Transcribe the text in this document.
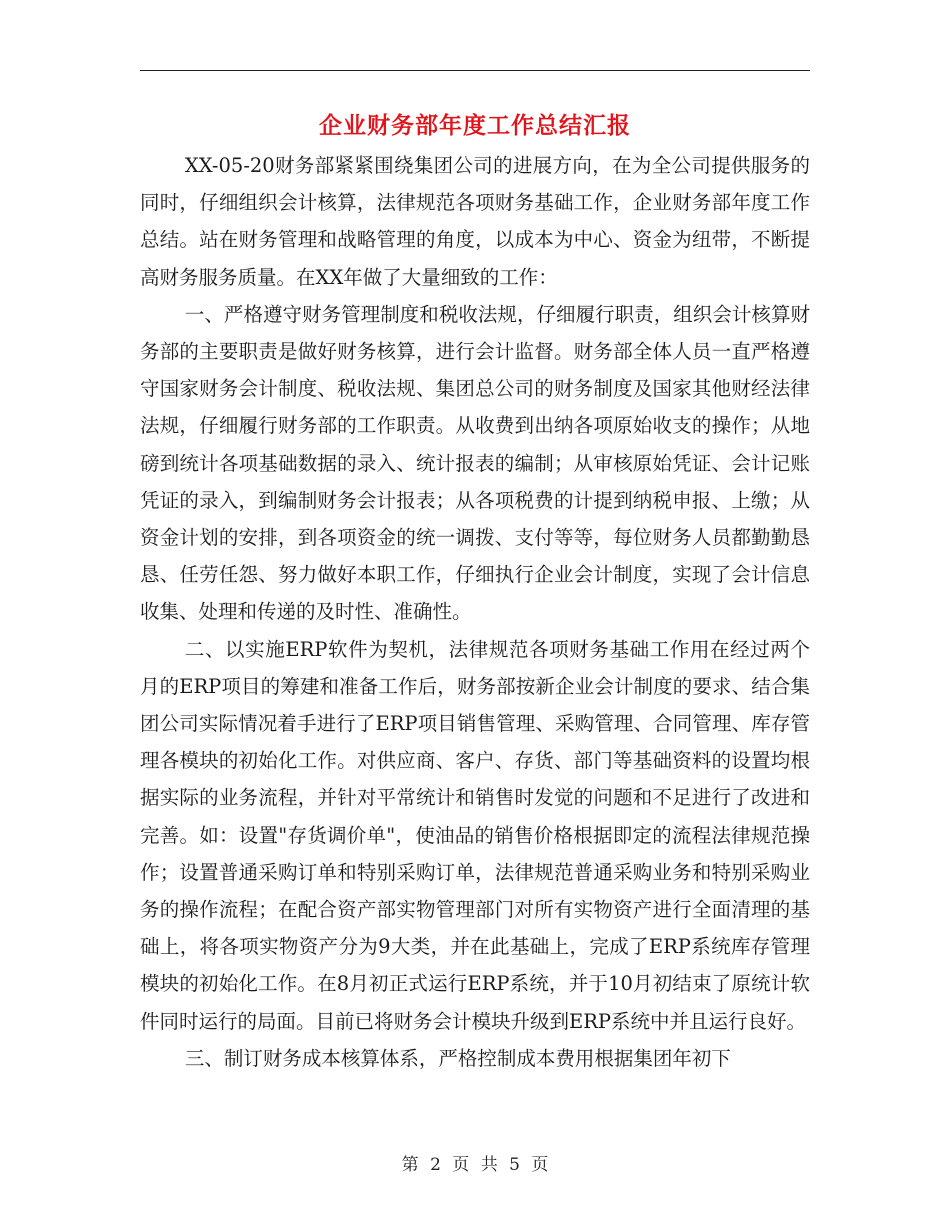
企业财务部年度工作总结汇报

XX-05-20财务部紧紧围绕集团公司的进展方向，在为全公司提供服务的同时，仔细组织会计核算，法律规范各项财务基础工作，企业财务部年度工作总结。站在财务管理和战略管理的角度，以成本为中心、资金为纽带，不断提高财务服务质量。在XX年做了大量细致的工作：

一、严格遵守财务管理制度和税收法规，仔细履行职责，组织会计核算财务部的主要职责是做好财务核算，进行会计监督。财务部全体人员一直严格遵守国家财务会计制度、税收法规、集团总公司的财务制度及国家其他财经法律法规，仔细履行财务部的工作职责。从收费到出纳各项原始收支的操作；从地磅到统计各项基础数据的录入、统计报表的编制；从审核原始凭证、会计记账凭证的录入，到编制财务会计报表；从各项税费的计提到纳税申报、上缴；从资金计划的安排，到各项资金的统一调拨、支付等等，每位财务人员都勤勤恳恳、任劳任怨、努力做好本职工作，仔细执行企业会计制度，实现了会计信息收集、处理和传递的及时性、准确性。

二、以实施ERP软件为契机，法律规范各项财务基础工作用在经过两个月的ERP项目的筹建和准备工作后，财务部按新企业会计制度的要求、结合集团公司实际情况着手进行了ERP项目销售管理、采购管理、合同管理、库存管理各模块的初始化工作。对供应商、客户、存货、部门等基础资料的设置均根据实际的业务流程，并针对平常统计和销售时发觉的问题和不足进行了改进和完善。如：设置"存货调价单"，使油品的销售价格根据即定的流程法律规范操作；设置普通采购订单和特别采购订单，法律规范普通采购业务和特别采购业务的操作流程；在配合资产部实物管理部门对所有实物资产进行全面清理的基础上，将各项实物资产分为9大类，并在此基础上，完成了ERP系统库存管理模块的初始化工作。在8月初正式运行ERP系统，并于10月初结束了原统计软件同时运行的局面。目前已将财务会计模块升级到ERP系统中并且运行良好。

三、制订财务成本核算体系，严格控制成本费用根据集团年初下

第 2 页 共 5 页
